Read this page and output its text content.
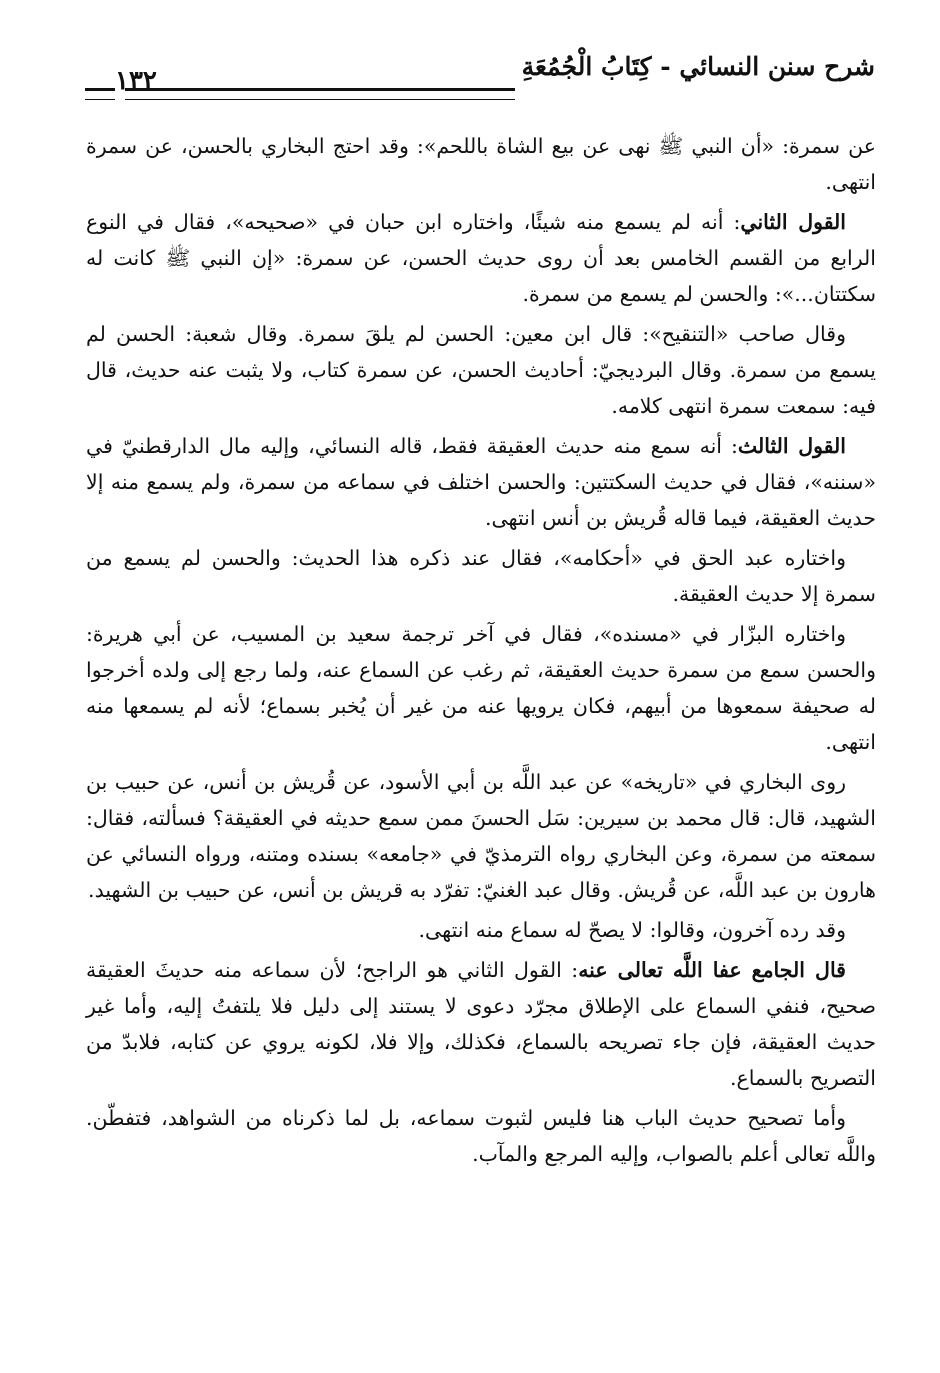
شرح سنن النسائي - كِتَابُ الْجُمُعَةِ
١٣٢

عن سمرة: «أن النبي ﷺ نهى عن بيع الشاة باللحم»: وقد احتج البخاري بالحسن، عن سمرة انتهى.

القول الثاني: أنه لم يسمع منه شيئًا، واختاره ابن حبان في «صحيحه»، فقال في النوع الرابع من القسم الخامس بعد أن روى حديث الحسن، عن سمرة: «إن النبي ﷺ كانت له سكتتان...»: والحسن لم يسمع من سمرة.

وقال صاحب «التنقيح»: قال ابن معين: الحسن لم يلقَ سمرة. وقال شعبة: الحسن لم يسمع من سمرة. وقال البرديجيّ: أحاديث الحسن، عن سمرة كتاب، ولا يثبت عنه حديث، قال فيه: سمعت سمرة انتهى كلامه.

القول الثالث: أنه سمع منه حديث العقيقة فقط، قاله النسائي، وإليه مال الدارقطنيّ في «سننه»، فقال في حديث السكتتين: والحسن اختلف في سماعه من سمرة، ولم يسمع منه إلا حديث العقيقة، فيما قاله قُريش بن أنس انتهى.

واختاره عبد الحق في «أحكامه»، فقال عند ذكره هذا الحديث: والحسن لم يسمع من سمرة إلا حديث العقيقة.

واختاره البزّار في «مسنده»، فقال في آخر ترجمة سعيد بن المسيب، عن أبي هريرة: والحسن سمع من سمرة حديث العقيقة، ثم رغب عن السماع عنه، ولما رجع إلى ولده أخرجوا له صحيفة سمعوها من أبيهم، فكان يرويها عنه من غير أن يُخبر بسماع؛ لأنه لم يسمعها منه انتهى.

روى البخاري في «تاريخه» عن عبد اللَّه بن أبي الأسود، عن قُريش بن أنس، عن حبيب بن الشهيد، قال: قال محمد بن سيرين: سَل الحسنَ ممن سمع حديثه في العقيقة؟ فسألته، فقال: سمعته من سمرة، وعن البخاري رواه الترمذيّ في «جامعه» بسنده ومتنه، ورواه النسائي عن هارون بن عبد اللَّه، عن قُريش. وقال عبد الغنيّ: تفرّد به قريش بن أنس، عن حبيب بن الشهيد.

وقد رده آخرون، وقالوا: لا يصحّ له سماع منه انتهى.

قال الجامع عفا اللَّه تعالى عنه: القول الثاني هو الراجح؛ لأن سماعه منه حديثَ العقيقة صحيح، فنفي السماع على الإطلاق مجرّد دعوى لا يستند إلى دليل فلا يلتفتُ إليه، وأما غير حديث العقيقة، فإن جاء تصريحه بالسماع، فكذلك، وإلا فلا، لكونه يروي عن كتابه، فلابدّ من التصريح بالسماع.

وأما تصحيح حديث الباب هنا فليس لثبوت سماعه، بل لما ذكرناه من الشواهد، فتفطّن. واللَّه تعالى أعلم بالصواب، وإليه المرجع والمآب.
